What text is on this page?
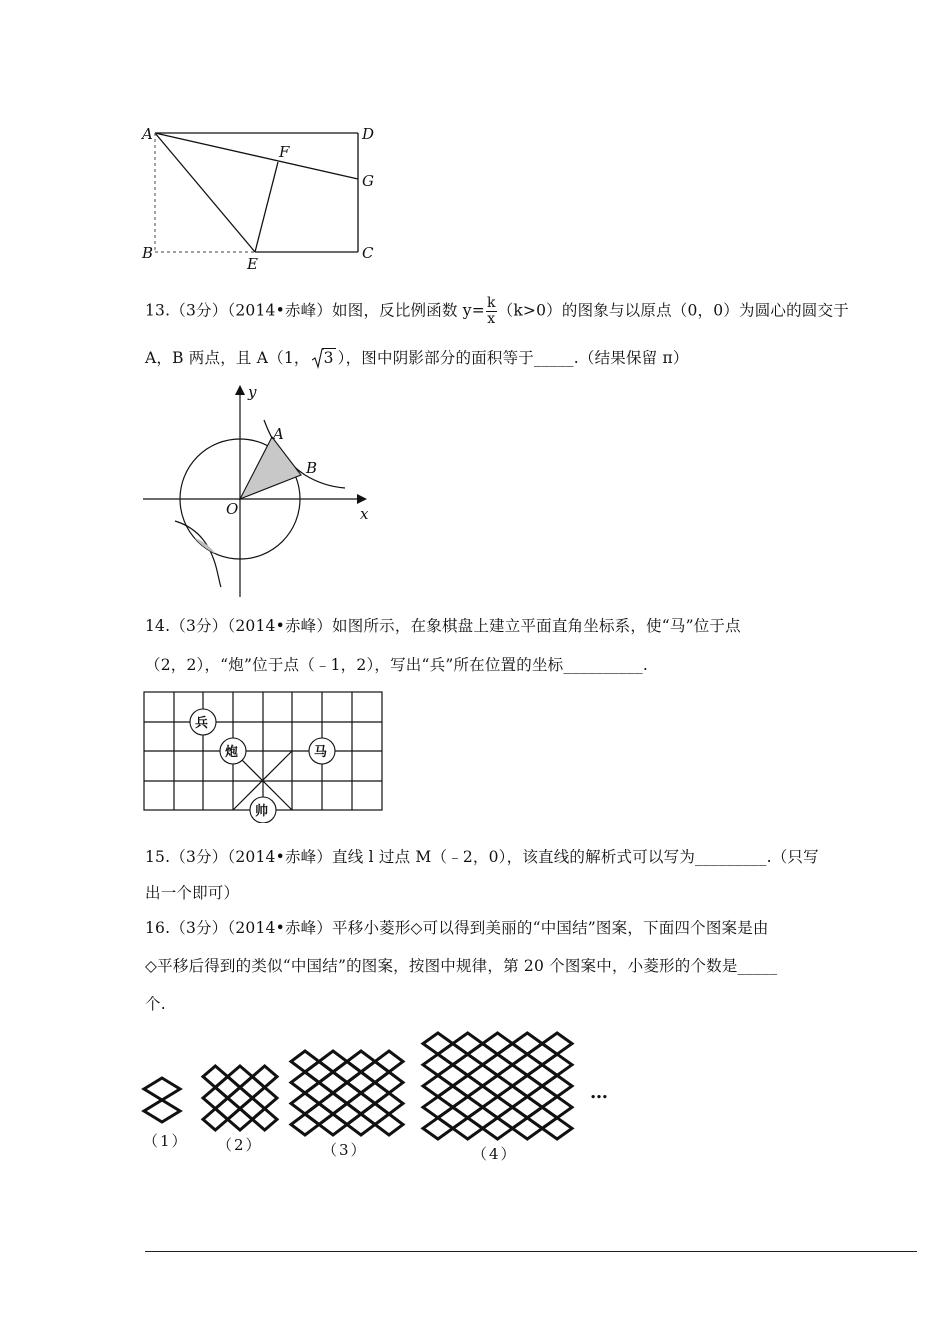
A	D
F
G
B
E
C
13.（3分）（2014•赤峰）如图，反比例函数 $y= \frac{k}{x} (k>0)$的图象与以原点（0，0）为圆心的圆交于
A，B 两点，且 A（1， 3 ），图中阴影部分的面积等于_____.（结果保留 π）
y
A
B
O	x
14.（3分）（2014•赤峰）如图所示，在象棋盘上建立平面直角坐标系，使“马”位于点
（2，2），“炮”位于点（﹣1，2），写出“兵”所在位置的坐标__________.
兵
炮	马
帅
15.（3分）（2014•赤峰）直线 l 过点 M（﹣2，0），该直线的解析式可以写为_________.（只写
出一个即可）
16.（3分）（2014•赤峰）平移小菱形◇可以得到美丽的“中国结”图案，下面四个图案是由
◇平移后得到的类似“中国结”的图案，按图中规律，第 20 个图案中，小菱形的个数是_____
个.
…
（1） （2）	（3）	（4）
